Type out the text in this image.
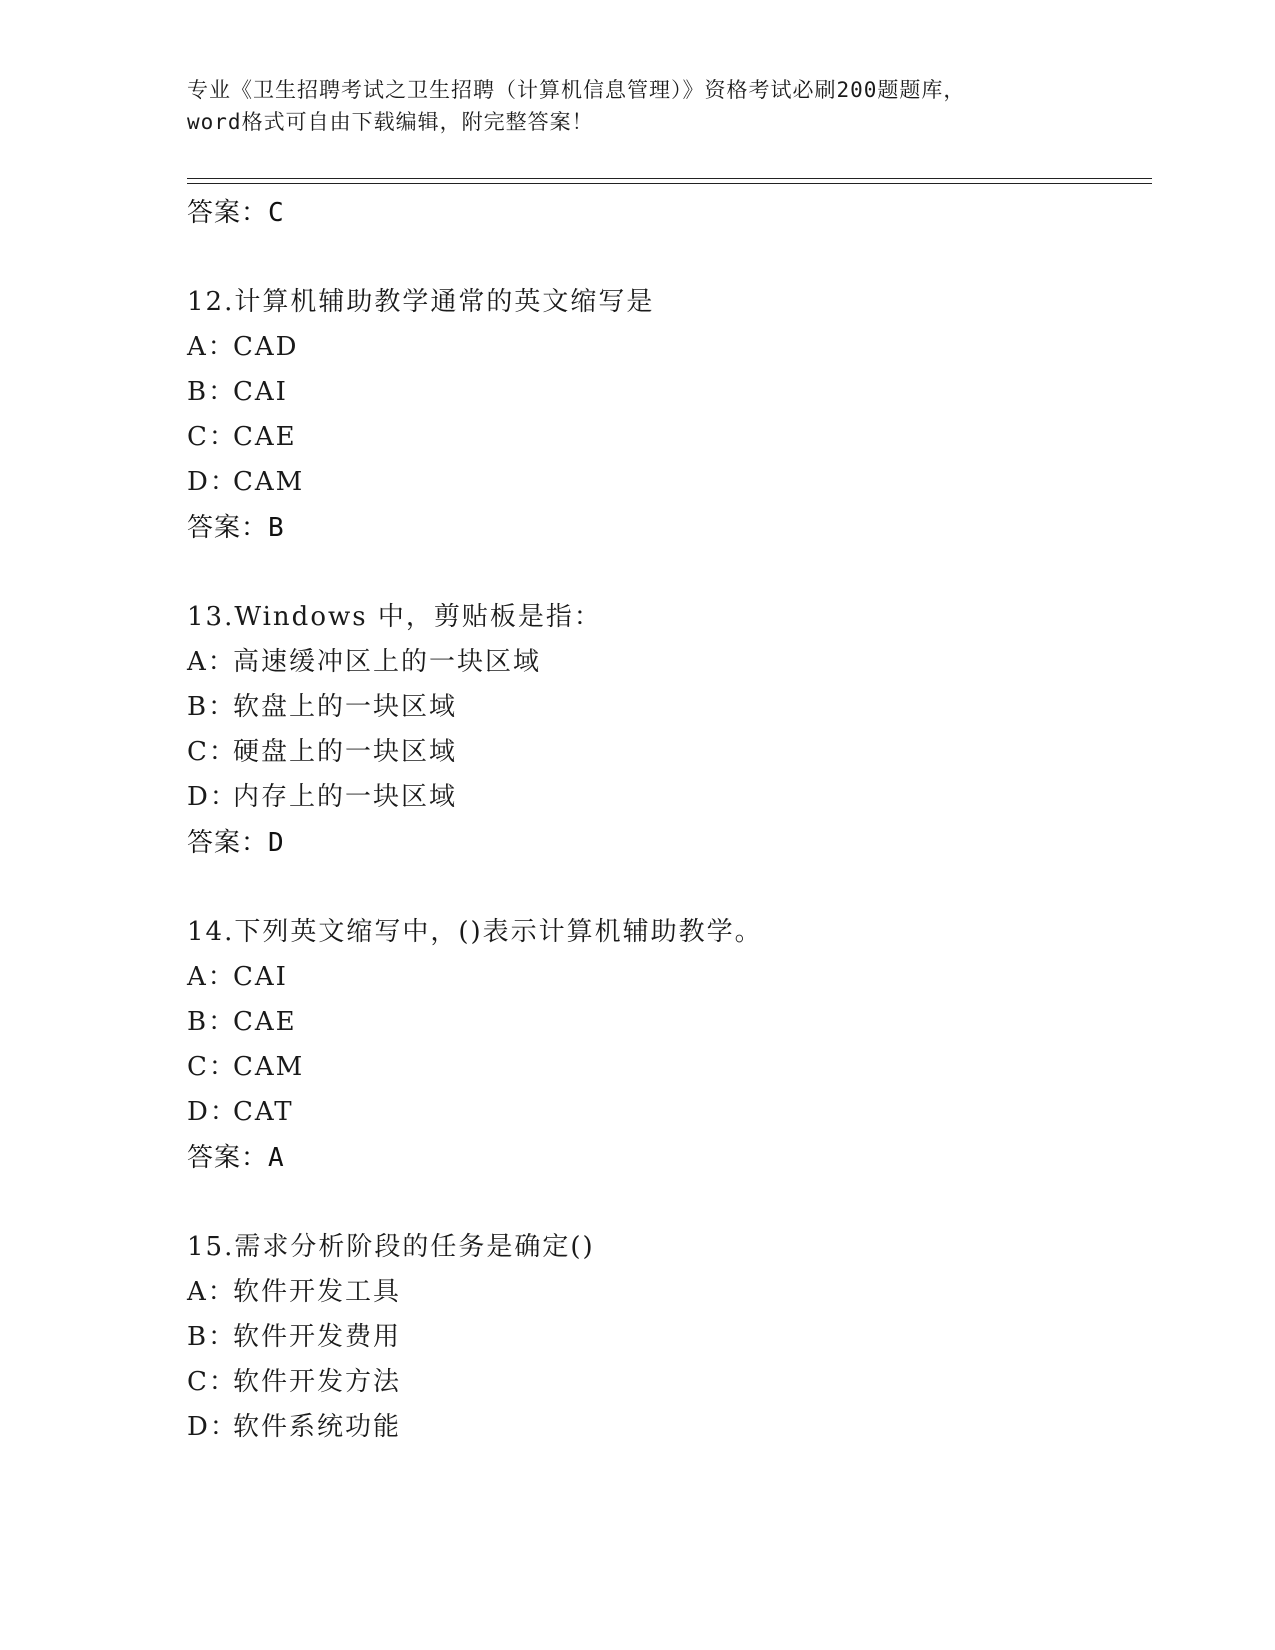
专业《卫生招聘考试之卫生招聘（计算机信息管理）》资格考试必刷200题题库，
word格式可自由下载编辑，附完整答案！
答案：C
12.计算机辅助教学通常的英文缩写是
A：CAD
B：CAI
C：CAE
D：CAM
答案：B
13.Windows 中，剪贴板是指：
A：高速缓冲区上的一块区域
B：软盘上的一块区域
C：硬盘上的一块区域
D：内存上的一块区域
答案：D
14.下列英文缩写中，()表示计算机辅助教学。
A：CAI
B：CAE
C：CAM
D：CAT
答案：A
15.需求分析阶段的任务是确定()
A：软件开发工具
B：软件开发费用
C：软件开发方法
D：软件系统功能
